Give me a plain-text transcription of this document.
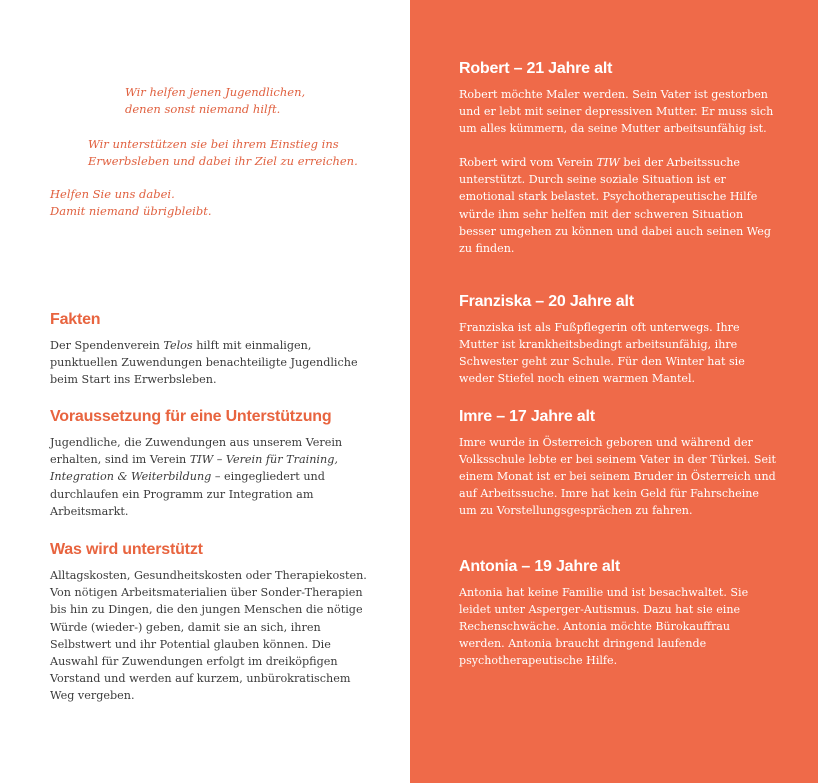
Wir helfen jenen Jugendlichen,
denen sonst niemand hilft.

Wir unterstützen sie bei ihrem Einstieg ins
Erwerbsleben und dabei ihr Ziel zu erreichen.

Helfen Sie uns dabei.
Damit niemand übrigbleibt.

Fakten

Der Spendenverein Telos hilft mit einmaligen, punktuellen Zuwendungen benachteiligte Jugendliche beim Start ins Erwerbsleben.

Voraussetzung für eine Unterstützung

Jugendliche, die Zuwendungen aus unserem Verein erhalten, sind im Verein TIW – Verein für Training, Integration & Weiterbildung – eingegliedert und durchlaufen ein Programm zur Integration am Arbeitsmarkt.

Was wird unterstützt

Alltagskosten, Gesundheitskosten oder Therapiekosten. Von nötigen Arbeitsmaterialien über Sonder-Therapien bis hin zu Dingen, die den jungen Menschen die nötige Würde (wieder-) geben, damit sie an sich, ihren Selbstwert und ihr Potential glauben können. Die Auswahl für Zuwendungen erfolgt im dreiköpfigen Vorstand und werden auf kurzem, unbürokratischem Weg vergeben.

Robert – 21 Jahre alt

Robert möchte Maler werden. Sein Vater ist gestorben und er lebt mit seiner depressiven Mutter. Er muss sich um alles kümmern, da seine Mutter arbeitsunfähig ist.

Robert wird vom Verein TIW bei der Arbeitssuche unterstützt. Durch seine soziale Situation ist er emotional stark belastet. Psychotherapeutische Hilfe würde ihm sehr helfen mit der schweren Situation besser umgehen zu können und dabei auch seinen Weg zu finden.

Franziska – 20 Jahre alt

Franziska ist als Fußpflegerin oft unterwegs. Ihre Mutter ist krankheitsbedingt arbeitsunfähig, ihre Schwester geht zur Schule. Für den Winter hat sie weder Stiefel noch einen warmen Mantel.

Imre – 17 Jahre alt

Imre wurde in Österreich geboren und während der Volksschule lebte er bei seinem Vater in der Türkei. Seit einem Monat ist er bei seinem Bruder in Österreich und auf Arbeitssuche. Imre hat kein Geld für Fahrscheine um zu Vorstellungsgesprächen zu fahren.

Antonia – 19 Jahre alt

Antonia hat keine Familie und ist besachwaltet. Sie leidet unter Asperger-Autismus. Dazu hat sie eine Rechenschwäche. Antonia möchte Bürokauffrau werden. Antonia braucht dringend laufende psychotherapeutische Hilfe.
